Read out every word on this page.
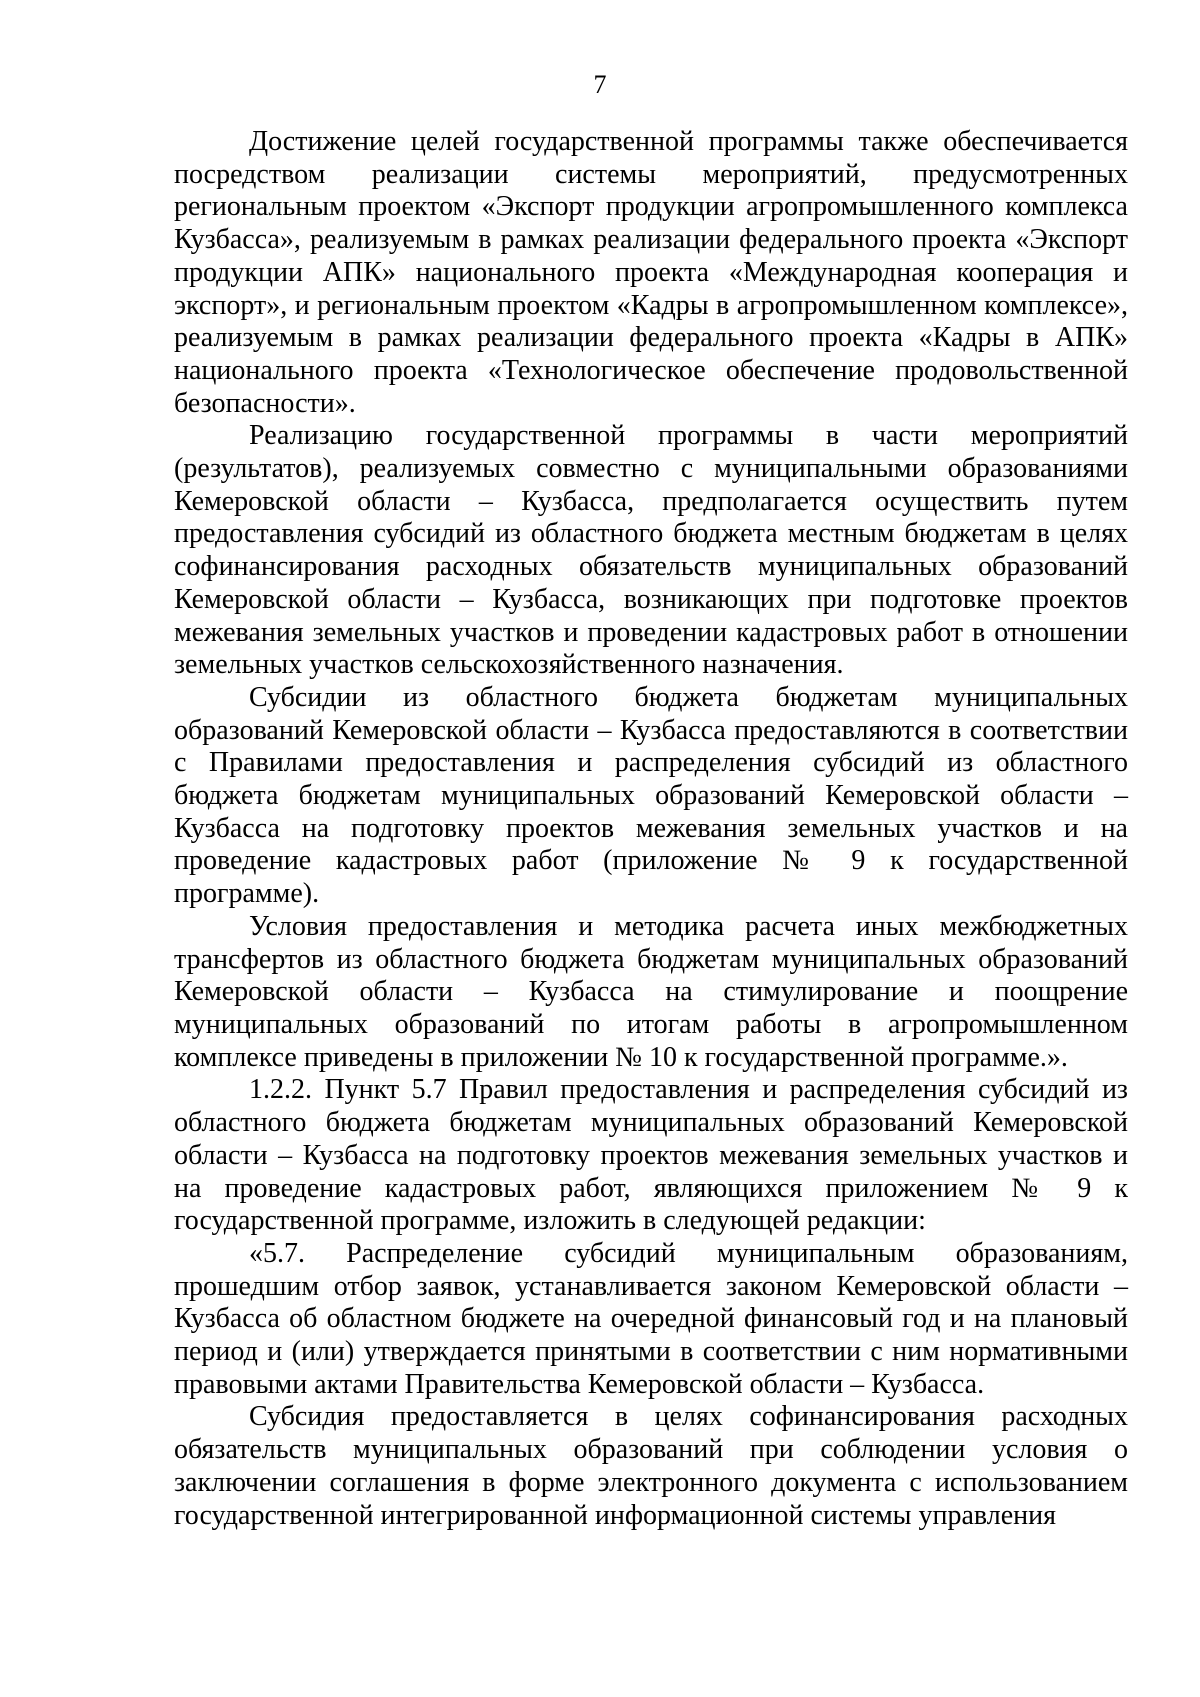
7

Достижение целей государственной программы также обеспечивается посредством реализации системы мероприятий, предусмотренных региональным проектом «Экспорт продукции агропромышленного комплекса Кузбасса», реализуемым в рамках реализации федерального проекта «Экспорт продукции АПК» национального проекта «Международная кооперация и экспорт», и региональным проектом «Кадры в агропромышленном комплексе», реализуемым в рамках реализации федерального проекта «Кадры в АПК» национального проекта «Технологическое обеспечение продовольственной безопасности».

Реализацию государственной программы в части мероприятий (результатов), реализуемых совместно с муниципальными образованиями Кемеровской области – Кузбасса, предполагается осуществить путем предоставления субсидий из областного бюджета местным бюджетам в целях софинансирования расходных обязательств муниципальных образований Кемеровской области – Кузбасса, возникающих при подготовке проектов межевания земельных участков и проведении кадастровых работ в отношении земельных участков сельскохозяйственного назначения.

Субсидии из областного бюджета бюджетам муниципальных образований Кемеровской области – Кузбасса предоставляются в соответствии с Правилами предоставления и распределения субсидий из областного бюджета бюджетам муниципальных образований Кемеровской области – Кузбасса на подготовку проектов межевания земельных участков и на проведение кадастровых работ (приложение № 9 к государственной программе).

Условия предоставления и методика расчета иных межбюджетных трансфертов из областного бюджета бюджетам муниципальных образований Кемеровской области – Кузбасса на стимулирование и поощрение муниципальных образований по итогам работы в агропромышленном комплексе приведены в приложении № 10 к государственной программе.».

1.2.2. Пункт 5.7 Правил предоставления и распределения субсидий из областного бюджета бюджетам муниципальных образований Кемеровской области – Кузбасса на подготовку проектов межевания земельных участков и на проведение кадастровых работ, являющихся приложением № 9 к государственной программе, изложить в следующей редакции:

«5.7. Распределение субсидий муниципальным образованиям, прошедшим отбор заявок, устанавливается законом Кемеровской области – Кузбасса об областном бюджете на очередной финансовый год и на плановый период и (или) утверждается принятыми в соответствии с ним нормативными правовыми актами Правительства Кемеровской области – Кузбасса.

Субсидия предоставляется в целях софинансирования расходных обязательств муниципальных образований при соблюдении условия о заключении соглашения в форме электронного документа с использованием государственной интегрированной информационной системы управления
